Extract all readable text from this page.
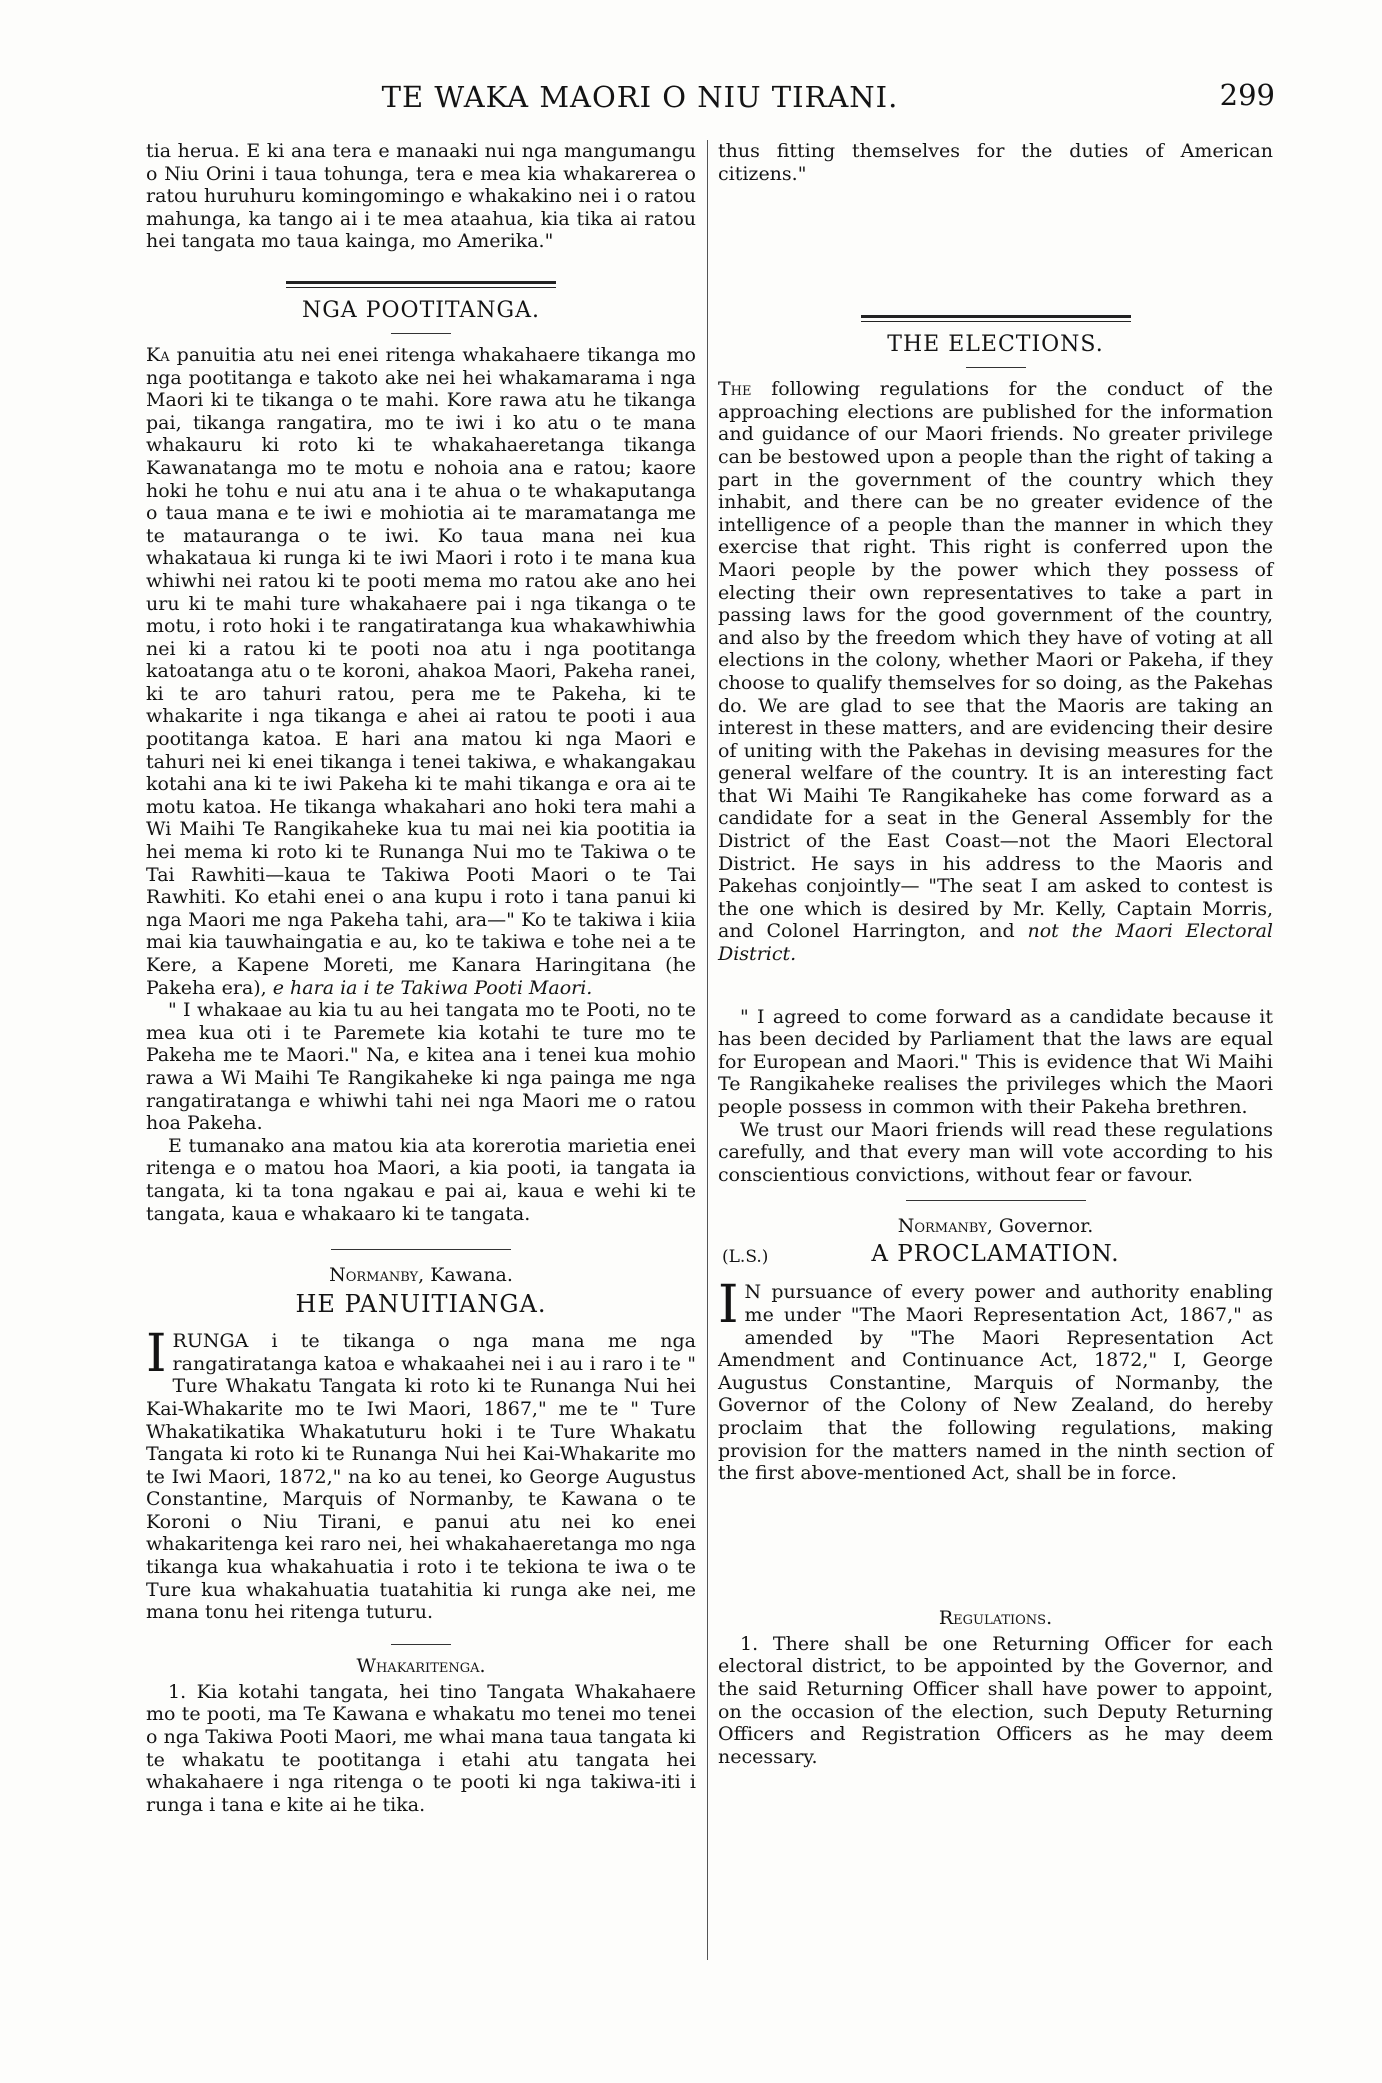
TE WAKA MAORI O NIU TIRANI.	299

tia herua. E ki ana tera e manaaki nui nga mangumangu o Niu Orini i taua tohunga, tera e mea kia whakarerea o ratou huruhuru komingomingo e whakakino nei i o ratou mahunga, ka tango ai i te mea ataahua, kia tika ai ratou hei tangata mo taua kainga, mo Amerika."

NGA POOTITANGA.

Ka panuitia atu nei enei ritenga whakahaere tikanga mo nga pootitanga e takoto ake nei hei whakamarama i nga Maori ki te tikanga o te mahi. Kore rawa atu he tikanga pai, tikanga rangatira, mo te iwi i ko atu o te mana whakauru ki roto ki te whakahaeretanga tikanga Kawanatanga mo te motu e nohoia ana e ratou; kaore hoki he tohu e nui atu ana i te ahua o te whakaputanga o taua mana e te iwi e mohiotia ai te maramatanga me te matauranga o te iwi. Ko taua mana nei kua whakataua ki runga ki te iwi Maori i roto i te mana kua whiwhi nei ratou ki te pooti mema mo ratou ake ano hei uru ki te mahi ture whakahaere pai i nga tikanga o te motu, i roto hoki i te rangatiratanga kua whakawhiwhia nei ki a ratou ki te pooti noa atu i nga pootitanga katoatanga atu o te koroni, ahakoa Maori, Pakeha ranei, ki te aro tahuri ratou, pera me te Pakeha, ki te whakarite i nga tikanga e ahei ai ratou te pooti i aua pootitanga katoa. E hari ana matou ki nga Maori e tahuri nei ki enei tikanga i tenei takiwa, e whakangakau kotahi ana ki te iwi Pakeha ki te mahi tikanga e ora ai te motu katoa. He tikanga whakahari ano hoki tera mahi a Wi Maihi Te Rangikaheke kua tu mai nei kia pootitia ia hei mema ki roto ki te Runanga Nui mo te Takiwa o te Tai Rawhiti—kaua te Takiwa Pooti Maori o te Tai Rawhiti. Ko etahi enei o ana kupu i roto i tana panui ki nga Maori me nga Pakeha tahi, ara—" Ko te takiwa i kiia mai kia tauwhaingatia e au, ko te takiwa e tohe nei a te Kere, a Kapene Moreti, me Kanara Haringitana (he Pakeha era), e hara ia i te Takiwa Pooti Maori.

" I whakaae au kia tu au hei tangata mo te Pooti, no te mea kua oti i te Paremete kia kotahi te ture mo te Pakeha me te Maori." Na, e kitea ana i tenei kua mohio rawa a Wi Maihi Te Rangikaheke ki nga painga me nga rangatiratanga e whiwhi tahi nei nga Maori me o ratou hoa Pakeha.

E tumanako ana matou kia ata korerotia marietia enei ritenga e o matou hoa Maori, a kia pooti, ia tangata ia tangata, ki ta tona ngakau e pai ai, kaua e wehi ki te tangata, kaua e whakaaro ki te tangata.

Normanby, Kawana.
HE PANUITIANGA.
I RUNGA i te tikanga o nga mana me nga rangatiratanga katoa e whakaahei nei i au i raro i te " Ture Whakatu Tangata ki roto ki te Runanga Nui hei Kai-Whakarite mo te Iwi Maori, 1867," me te " Ture Whakatikatika Whakatuturu hoki i te Ture Whakatu Tangata ki roto ki te Runanga Nui hei Kai-Whakarite mo te Iwi Maori, 1872," na ko au tenei, ko George Augustus Constantine, Marquis of Normanby, te Kawana o te Koroni o Niu Tirani, e panui atu nei ko enei whakaritenga kei raro nei, hei whakahaeretanga mo nga tikanga kua whakahuatia i roto i te tekiona te iwa o te Ture kua whakahuatia tuatahitia ki runga ake nei, me mana tonu hei ritenga tuturu.

Whakaritenga.

1. Kia kotahi tangata, hei tino Tangata Whakahaere mo te pooti, ma Te Kawana e whakatu mo tenei mo tenei o nga Takiwa Pooti Maori, me whai mana taua tangata ki te whakatu te pootitanga i etahi atu tangata hei whakahaere i nga ritenga o te pooti ki nga takiwa-iti i runga i tana e kite ai he tika.

thus fitting themselves for the duties of American citizens."

THE ELECTIONS.

The following regulations for the conduct of the approaching elections are published for the information and guidance of our Maori friends. No greater privilege can be bestowed upon a people than the right of taking a part in the government of the country which they inhabit, and there can be no greater evidence of the intelligence of a people than the manner in which they exercise that right. This right is conferred upon the Maori people by the power which they possess of electing their own representatives to take a part in passing laws for the good government of the country, and also by the freedom which they have of voting at all elections in the colony, whether Maori or Pakeha, if they choose to qualify themselves for so doing, as the Pakehas do. We are glad to see that the Maoris are taking an interest in these matters, and are evidencing their desire of uniting with the Pakehas in devising measures for the general welfare of the country. It is an interesting fact that Wi Maihi Te Rangikaheke has come forward as a candidate for a seat in the General Assembly for the District of the East Coast—not the Maori Electoral District. He says in his address to the Maoris and Pakehas conjointly— "The seat I am asked to contest is the one which is desired by Mr. Kelly, Captain Morris, and Colonel Harrington, and not the Maori Electoral District.

" I agreed to come forward as a candidate because it has been decided by Parliament that the laws are equal for European and Maori." This is evidence that Wi Maihi Te Rangikaheke realises the privileges which the Maori people possess in common with their Pakeha brethren.

We trust our Maori friends will read these regulations carefully, and that every man will vote according to his conscientious convictions, without fear or favour.

Normanby, Governor.
(L.S.)	A PROCLAMATION.
I N pursuance of every power and authority enabling me under "The Maori Representation Act, 1867," as amended by "The Maori Representation Act Amendment and Continuance Act, 1872," I, George Augustus Constantine, Marquis of Normanby, the Governor of the Colony of New Zealand, do hereby proclaim that the following regulations, making provision for the matters named in the ninth section of the first above-mentioned Act, shall be in force.

Regulations.

1. There shall be one Returning Officer for each electoral district, to be appointed by the Governor, and the said Returning Officer shall have power to appoint, on the occasion of the election, such Deputy Returning Officers and Registration Officers as he may deem necessary.
